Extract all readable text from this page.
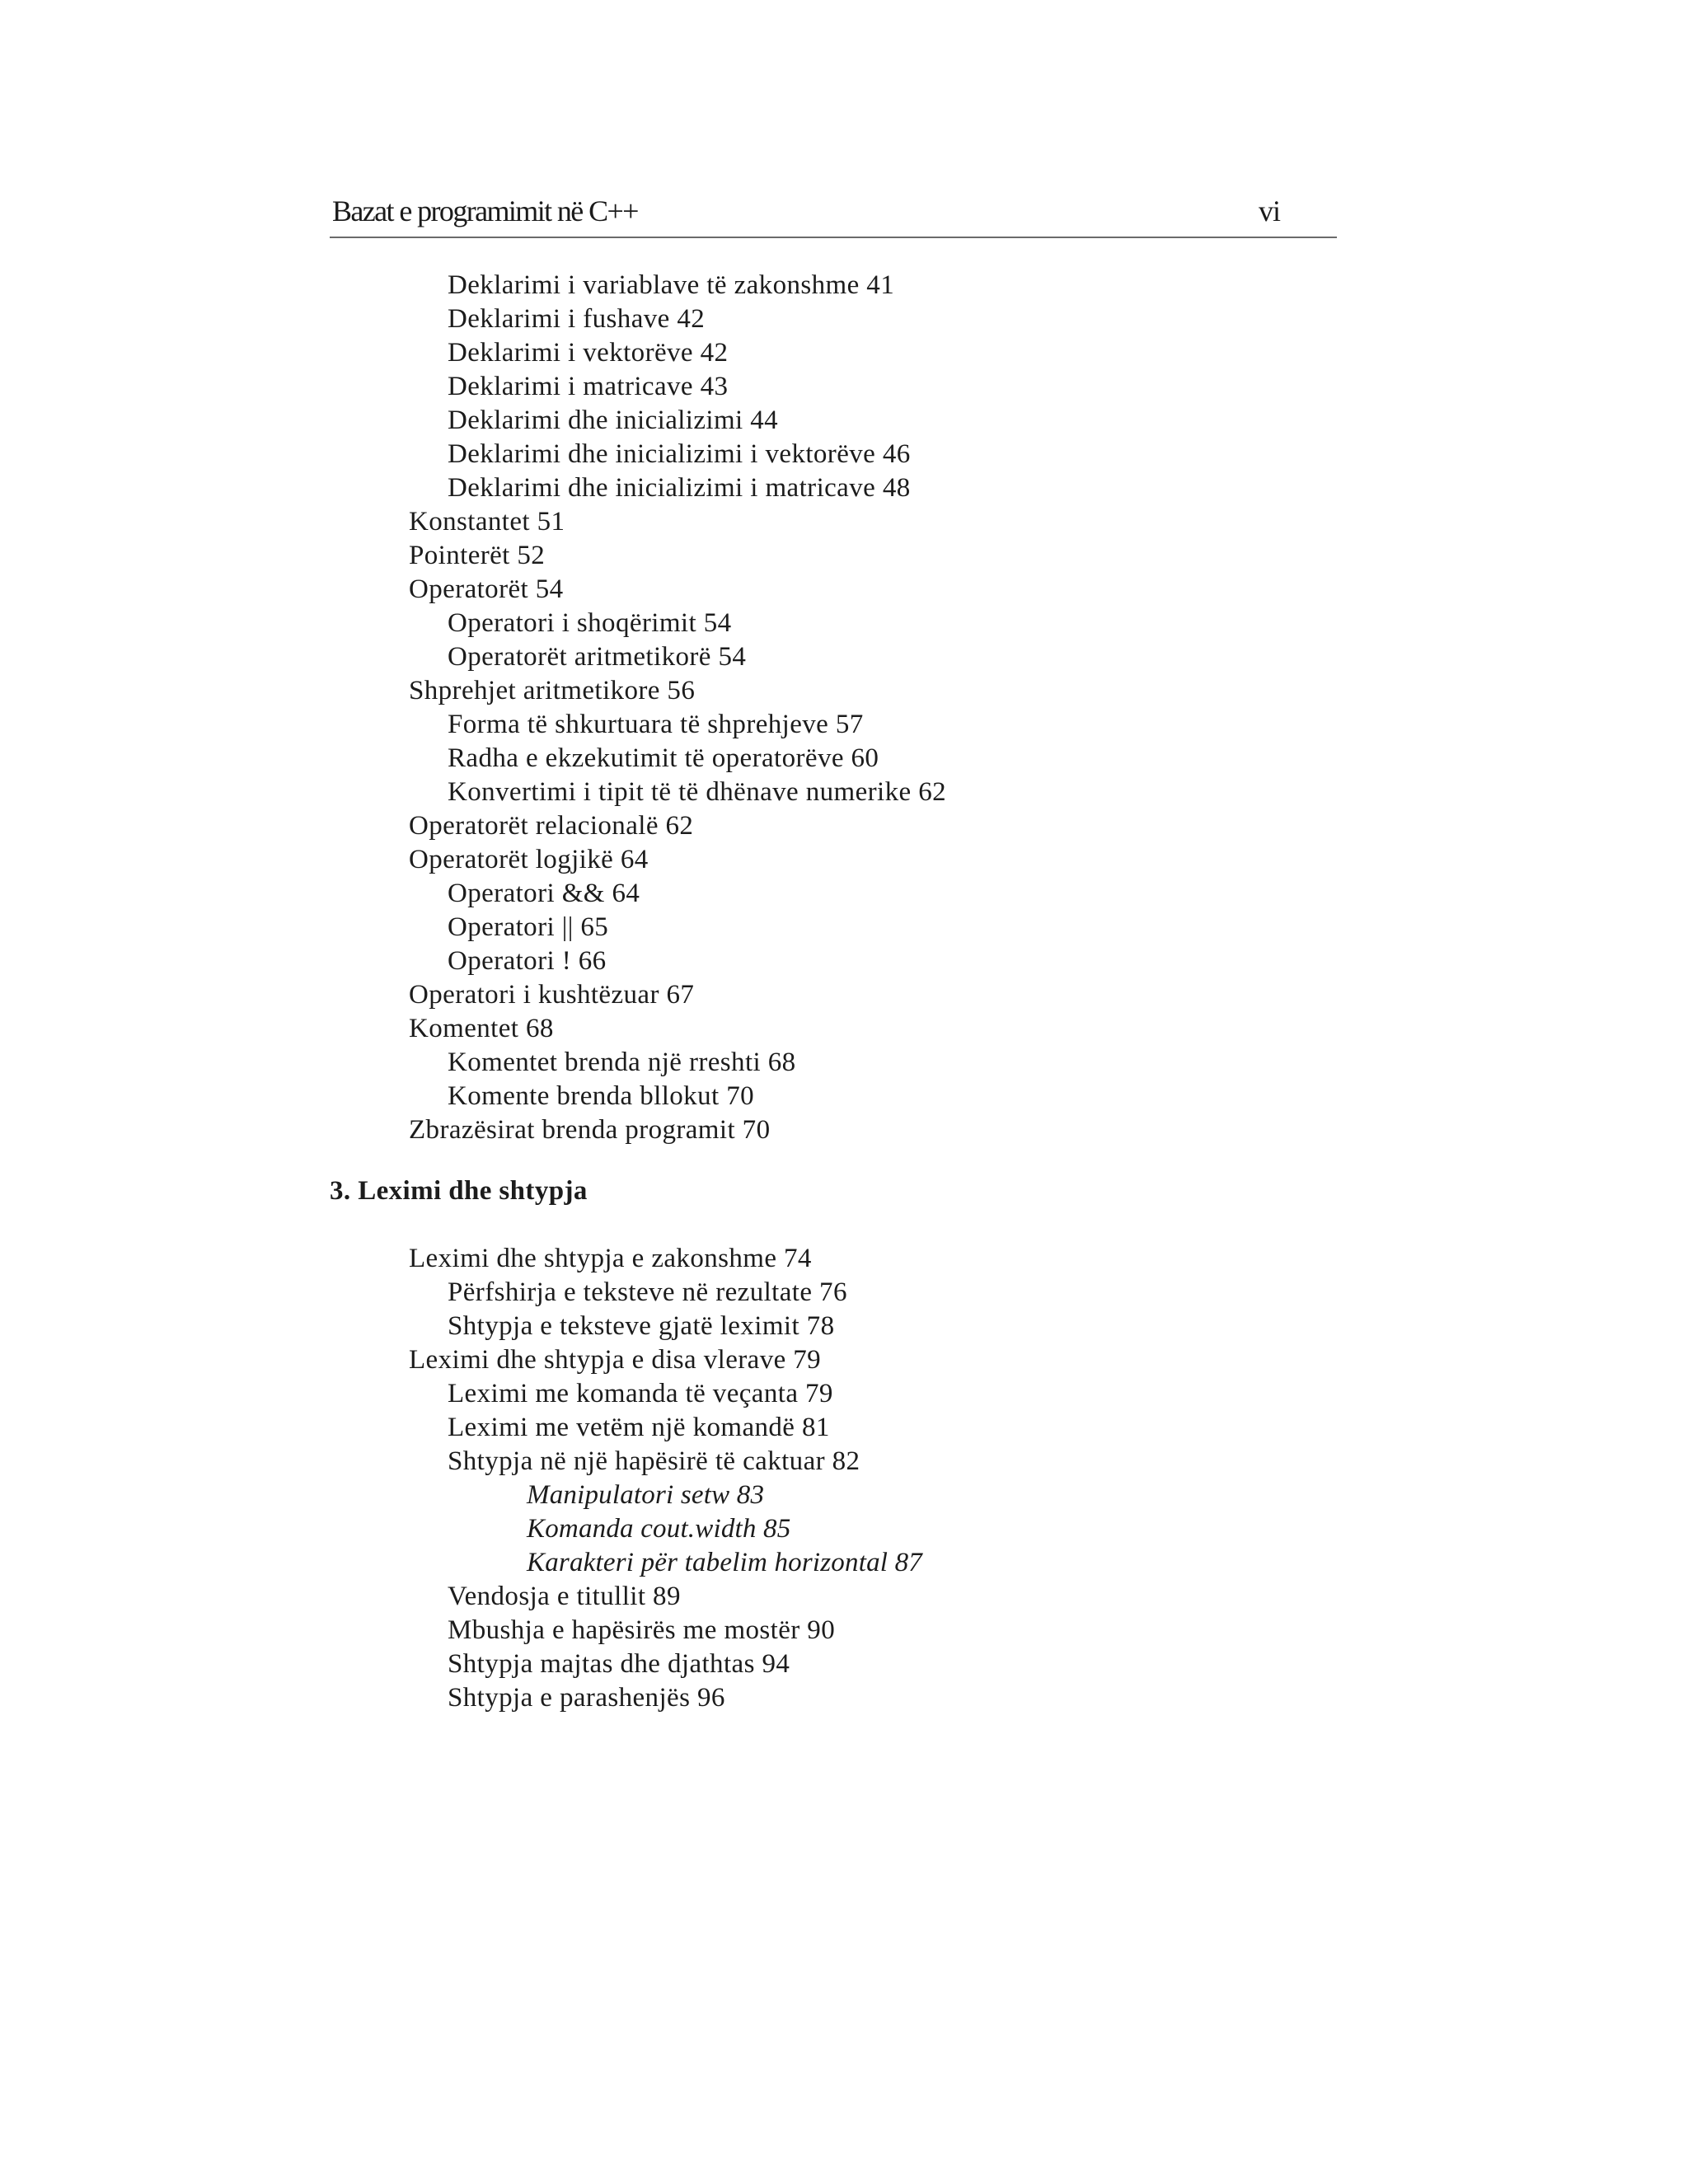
Bazat e programimit në C++	vi
Deklarimi i variablave të zakonshme 41
Deklarimi i fushave 42
Deklarimi i vektorëve 42
Deklarimi i matricave 43
Deklarimi dhe inicializimi 44
Deklarimi dhe inicializimi i vektorëve 46
Deklarimi dhe inicializimi i matricave 48
Konstantet 51
Pointerët 52
Operatorët 54
Operatori i shoqërimit 54
Operatorët aritmetikorë 54
Shprehjet aritmetikore 56
Forma të shkurtuara të shprehjeve 57
Radha e ekzekutimit të operatorëve 60
Konvertimi i tipit të të dhënave numerike 62
Operatorët relacionalë 62
Operatorët logjikë 64
Operatori && 64
Operatori || 65
Operatori ! 66
Operatori i kushtëzuar 67
Komentet 68
Komentet brenda një rreshti 68
Komente brenda bllokut 70
Zbrazësirat brenda programit 70
3. Leximi dhe shtypja
Leximi dhe shtypja e zakonshme 74
Përfshirja e teksteve në rezultate 76
Shtypja e teksteve gjatë leximit 78
Leximi dhe shtypja e disa vlerave 79
Leximi me komanda të veçanta 79
Leximi me vetëm një komandë 81
Shtypja në një hapësirë të caktuar 82
Manipulatori setw 83
Komanda cout.width 85
Karakteri për tabelim horizontal 87
Vendosja e titullit 89
Mbushja e hapësirës me mostër 90
Shtypja majtas dhe djathtas 94
Shtypja e parashenjës 96
